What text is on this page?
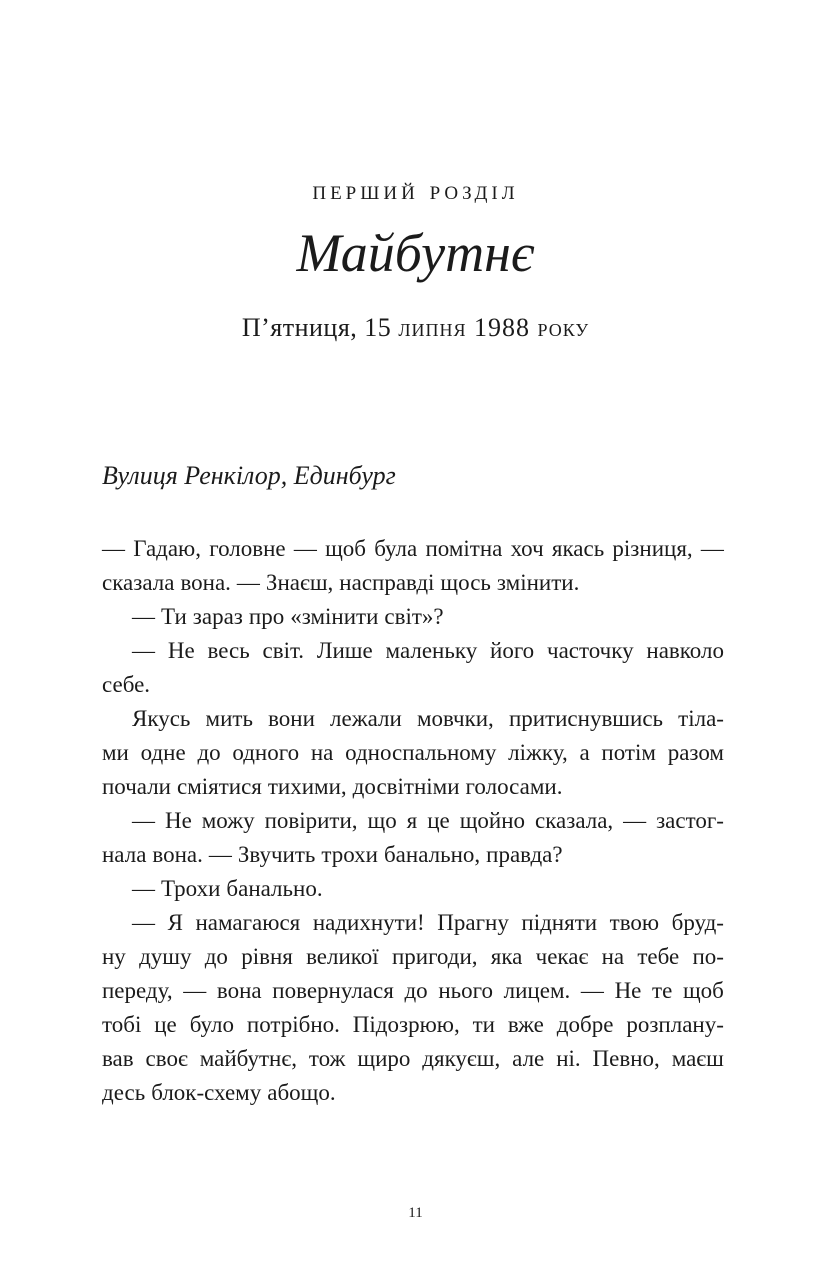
перший розділ
Майбутнє
П’ятниця, 15 липня 1988 року
Вулиця Ренкілор, Единбург
— Гадаю, головне — щоб була помітна хоч якась різниця, —
сказала вона. — Знаєш, насправді щось змінити.
— Ти зараз про «змінити світ»?
— Не весь світ. Лише маленьку його часточку навколо
себе.
Якусь мить вони лежали мовчки, притиснувшись тіла-
ми одне до одного на односпальному ліжку, а потім разом
почали сміятися тихими, досвітніми голосами.
— Не можу повірити, що я це щойно сказала, — застог-
нала вона. — Звучить трохи банально, правда?
— Трохи банально.
— Я намагаюся надихнути! Прагну підняти твою бруд-
ну душу до рівня великої пригоди, яка чекає на тебе по-
переду, — вона повернулася до нього лицем. — Не те щоб
тобі це було потрібно. Підозрюю, ти вже добре розплану-
вав своє майбутнє, тож щиро дякуєш, але ні. Певно, маєш
десь блок-схему абощо.
11
